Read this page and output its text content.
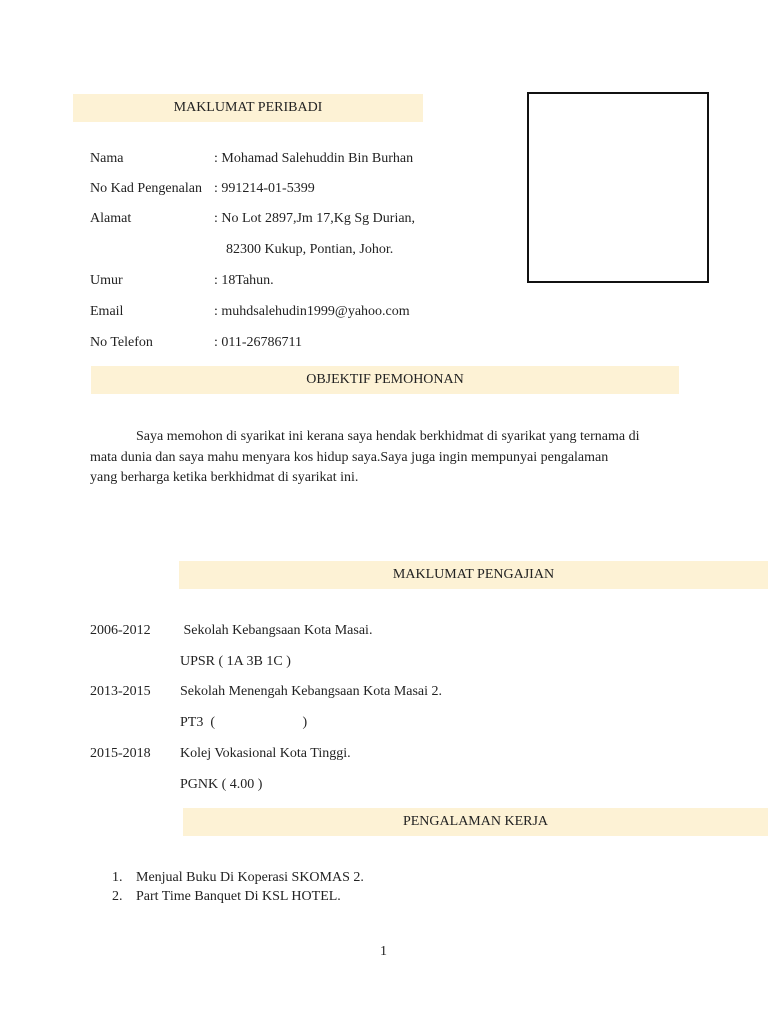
MAKLUMAT PERIBADI
Nama	: Mohamad Salehuddin Bin Burhan
No Kad Pengenalan : 991214-01-5399
Alamat	: No Lot 2897,Jm 17,Kg Sg Durian,
82300 Kukup, Pontian, Johor.
Umur	: 18Tahun.
Email	: muhdsalehudin1999@yahoo.com
No Telefon	: 011-26786711
OBJEKTIF PEMOHONAN
Saya memohon di syarikat ini kerana saya hendak berkhidmat di syarikat yang ternama di
mata dunia dan saya mahu menyara kos hidup saya.Saya juga ingin mempunyai pengalaman
yang berharga ketika berkhidmat di syarikat ini.
MAKLUMAT PENGAJIAN
2006-2012 Sekolah Kebangsaan Kota Masai.
UPSR ( 1A 3B 1C )
2013-2015 Sekolah Menengah Kebangsaan Kota Masai 2.
PT3  (                         )
2015-2018 Kolej Vokasional Kota Tinggi.
PGNK ( 4.00 )
PENGALAMAN KERJA
1. Menjual Buku Di Koperasi SKOMAS 2.
2. Part Time Banquet Di KSL HOTEL.
1
